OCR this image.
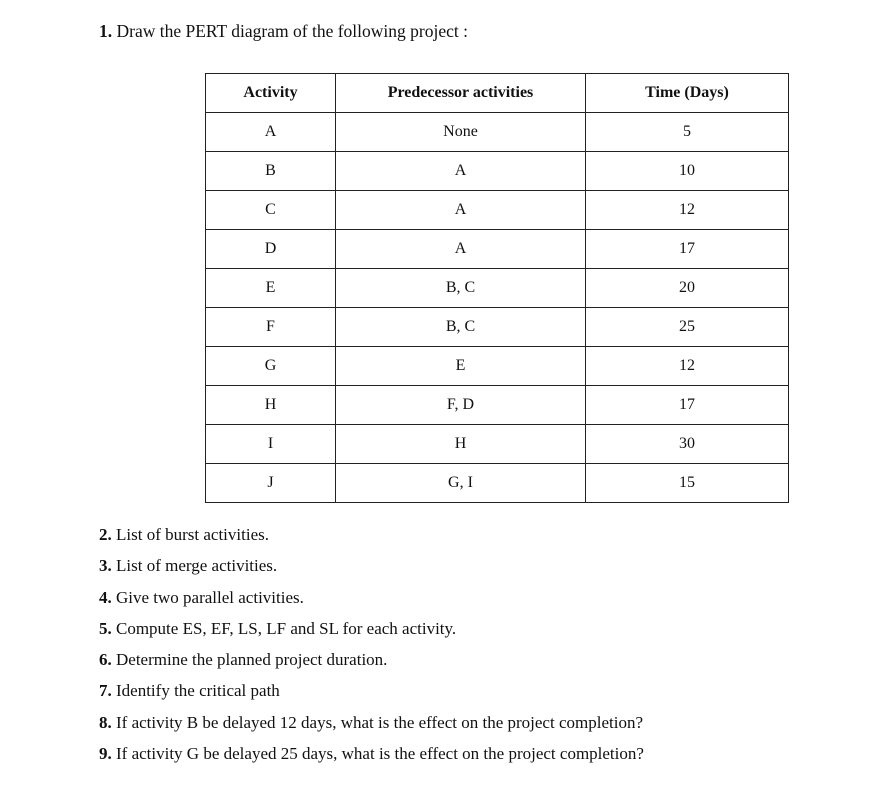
1. Draw the PERT diagram of the following project :
Activity	Predecessor activities	Time (Days)
A	None	5
B	A	10
C	A	12
D	A	17
E	B, C	20
F	B, C	25
G	E	12
H	F, D	17
I	H	30
J	G, I	15
2. List of burst activities.
3. List of merge activities.
4. Give two parallel activities.
5. Compute ES, EF, LS, LF and SL for each activity.
6. Determine the planned project duration.
7. Identify the critical path
8. If activity B be delayed 12 days, what is the effect on the project completion?
9. If activity G be delayed 25 days, what is the effect on the project completion?
